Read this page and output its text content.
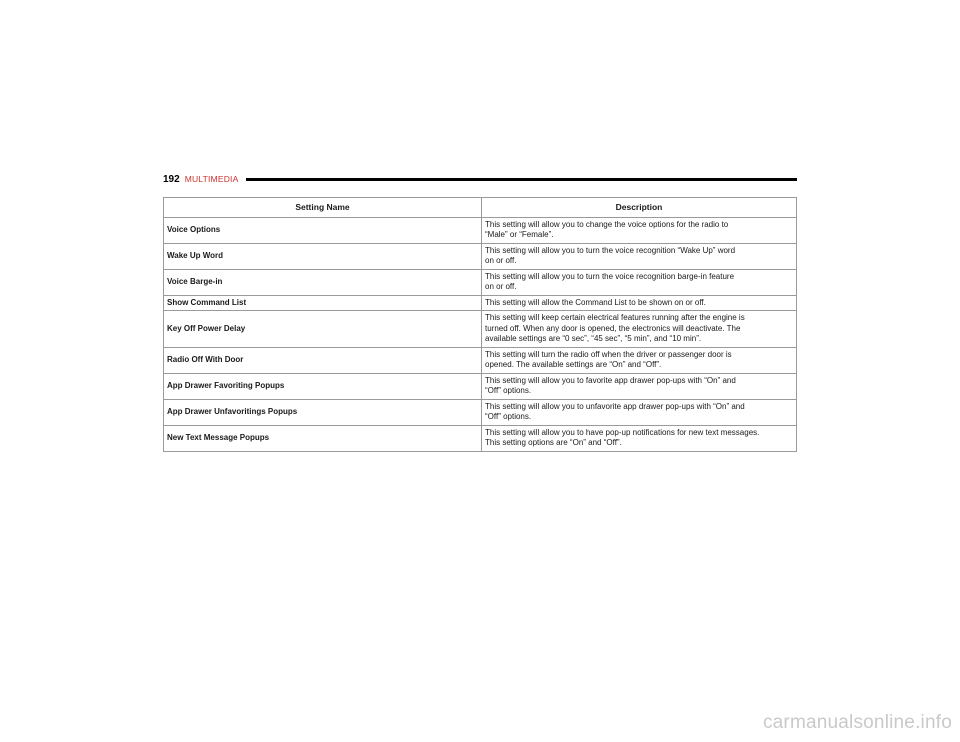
192 MULTIMEDIA
Setting Name	Description
Voice Options	This setting will allow you to change the voice options for the radio to
“Male” or “Female”.
Wake Up Word	This setting will allow you to turn the voice recognition “Wake Up” word
on or off.
Voice Barge-in	This setting will allow you to turn the voice recognition barge-in feature
on or off.
Show Command List	This setting will allow the Command List to be shown on or off.
Key Off Power Delay	This setting will keep certain electrical features running after the engine is
turned off. When any door is opened, the electronics will deactivate. The
available settings are “0 sec”, “45 sec”, “5 min”, and “10 min”.
Radio Off With Door	This setting will turn the radio off when the driver or passenger door is
opened. The available settings are “On” and “Off”.
App Drawer Favoriting Popups	This setting will allow you to favorite app drawer pop-ups with “On” and
“Off” options.
App Drawer Unfavoritings Popups	This setting will allow you to unfavorite app drawer pop-ups with “On” and
“Off” options.
New Text Message Popups	This setting will allow you to have pop-up notifications for new text messages.
This setting options are “On” and “Off”.
carmanualsonline.info
